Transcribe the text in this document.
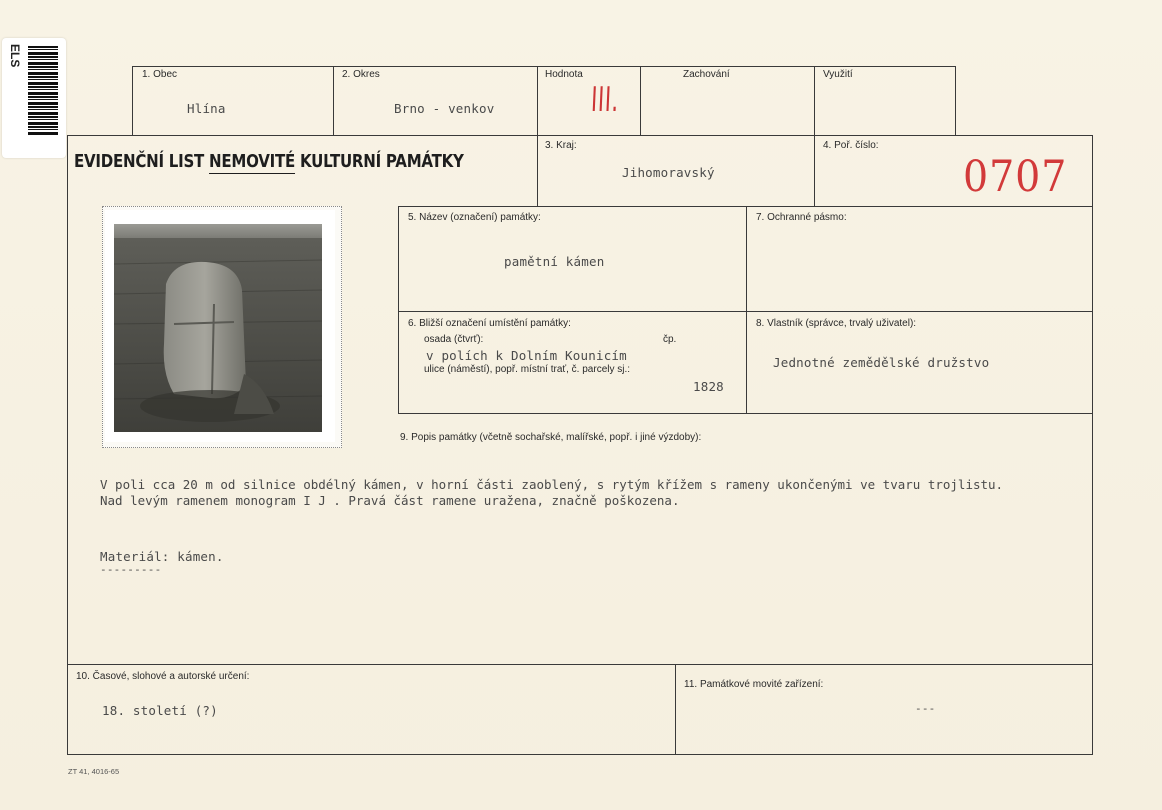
ELS
1. Obec
Hlína
2. Okres
Brno - venkov
Hodnota
III.
Zachování	Využití
EVIDENČNÍ LIST NEMOVITÉ KULTURNÍ PAMÁTKY
3. Kraj:
Jihomoravský
4. Poř. číslo:
0707
5. Název (označení) památky:
pamětní kámen
7. Ochranné pásmo:
6. Bližší označení umístění památky:
osada (čtvrť):	čp.
v polích k Dolním Kounicím
ulice (náměstí), popř. místní trať, č. parcely sj.:
1828
8. Vlastník (správce, trvalý uživatel):
Jednotné zemědělské družstvo
9. Popis památky (včetně sochařské, malířské, popř. i jiné výzdoby):
V poli cca 20 m od silnice obdélný kámen, v horní části zaoblený, s rytým křížem s rameny ukončenými ve tvaru trojlistu.
Nad levým ramenem monogram I J . Pravá část ramene uražena, značně poškozena.
Materiál: kámen.
---------
10. Časové, slohové a autorské určení:
18. století (?)
11. Památkové movité zařízení:
---
ZT 41, 4016-65
